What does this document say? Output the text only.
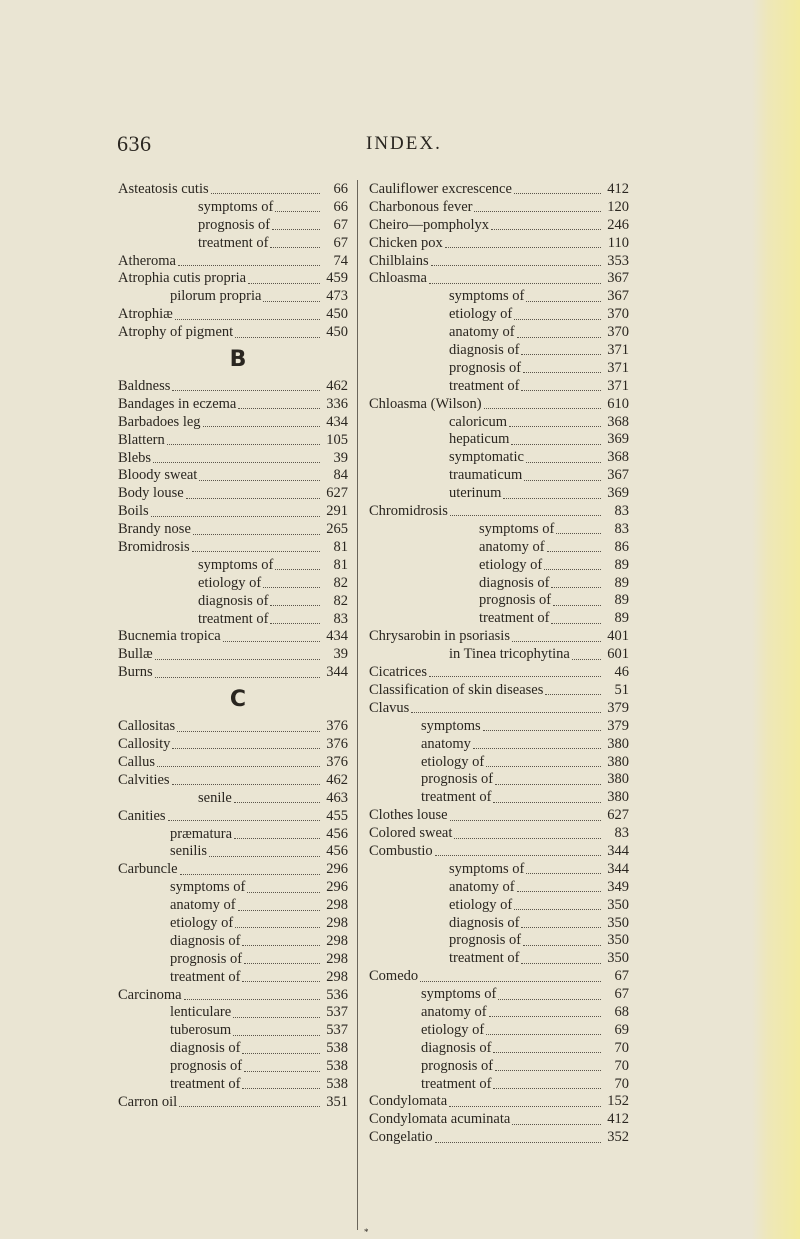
636	INDEX.
Asteatosis cutis	66
symptoms of	66
prognosis of	67
treatment of	67
Atheroma	74
Atrophia cutis propria	459
pilorum propria	473
Atrophiæ	450
Atrophy of pigment	450
B
Baldness	462
Bandages in eczema	336
Barbadoes leg	434
Blattern	105
Blebs	39
Bloody sweat	84
Body louse	627
Boils	291
Brandy nose	265
Bromidrosis	81
symptoms of	81
etiology of	82
diagnosis of	82
treatment of	83
Bucnemia tropica	434
Bullæ	39
Burns	344
C
Callositas	376
Callosity	376
Callus	376
Calvities	462
senile	463
Canities	455
præmatura	456
senilis	456
Carbuncle	296
symptoms of	296
anatomy of	298
etiology of	298
diagnosis of	298
prognosis of	298
treatment of	298
Carcinoma	536
lenticulare	537
tuberosum	537
diagnosis of	538
prognosis of	538
treatment of	538
Carron oil	351
Cauliflower excrescence	412
Charbonous fever	120
Cheiro—pompholyx	246
Chicken pox	110
Chilblains	353
Chloasma	367
symptoms of	367
etiology of	370
anatomy of	370
diagnosis of	371
prognosis of	371
treatment of	371
Chloasma (Wilson)	610
caloricum	368
hepaticum	369
symptomatic	368
traumaticum	367
uterinum	369
Chromidrosis	83
symptoms of	83
anatomy of	86
etiology of	89
diagnosis of	89
prognosis of	89
treatment of	89
Chrysarobin in psoriasis	401
in Tinea tricophytina	601
Cicatrices	46
Classification of skin diseases	51
Clavus	379
symptoms	379
anatomy	380
etiology of	380
prognosis of	380
treatment of	380
Clothes louse	627
Colored sweat	83
Combustio	344
symptoms of	344
anatomy of	349
etiology of	350
diagnosis of	350
prognosis of	350
treatment of	350
Comedo	67
symptoms of	67
anatomy of	68
etiology of	69
diagnosis of	70
prognosis of	70
treatment of	70
Condylomata	152
Condylomata acuminata	412
Congelatio	352
*
